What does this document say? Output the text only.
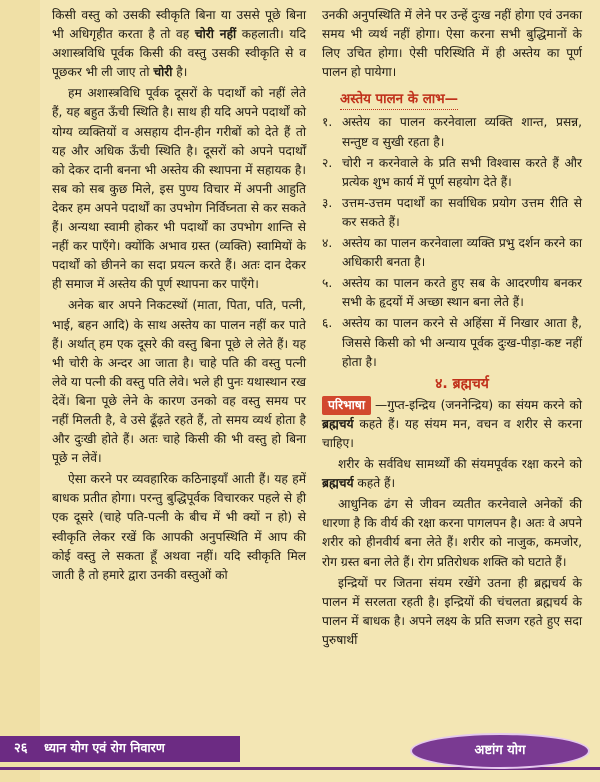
किसी वस्तु को उसकी स्वीकृति बिना या उससे पूछे बिना भी अधिगृहीत करता है तो वह चोरी नहीं कहलाती। यदि अशास्त्रविधि पूर्वक किसी की वस्तु उसकी स्वीकृति से व पूछकर भी ली जाए तो चोरी है।

हम अशास्त्रविधि पूर्वक दूसरों के पदार्थों को नहीं लेते हैं, यह बहुत ऊँची स्थिति है। साथ ही यदि अपने पदार्थों को योग्य व्यक्तियों व असहाय दीन-हीन गरीबों को देते हैं तो यह और अधिक ऊँची स्थिति है। दूसरों को अपने पदार्थों को देकर दानी बनना भी अस्तेय की स्थापना में सहायक है। सब को सब कुछ मिले, इस पुण्य विचार में अपनी आहुति देकर हम अपने पदार्थों का उपभोग निर्विघ्नता से कर सकते हैं। अन्यथा स्वामी होकर भी पदार्थों का उपभोग शान्ति से नहीं कर पाएँगे। क्योंकि अभाव ग्रस्त (व्यक्ति) स्वामियों के पदार्थों को छीनने का सदा प्रयत्न करते हैं। अतः दान देकर ही समाज में अस्तेय की पूर्ण स्थापना कर पाएँगे।

अनेक बार अपने निकटस्थों (माता, पिता, पति, पत्नी, भाई, बहन आदि) के साथ अस्तेय का पालन नहीं कर पाते हैं। अर्थात् हम एक दूसरे की वस्तु बिना पूछे ले लेते हैं। यह भी चोरी के अन्दर आ जाता है। चाहे पति की वस्तु पत्नी लेवे या पत्नी की वस्तु पति लेवे। भले ही पुनः यथास्थान रख देवें। बिना पूछे लेने के कारण उनको वह वस्तु समय पर नहीं मिलती है, वे उसे ढूँढ़ते रहते हैं, तो समय व्यर्थ होता है और दुःखी होते हैं। अतः चाहे किसी की भी वस्तु हो बिना पूछे न लेवें।

ऐसा करने पर व्यवहारिक कठिनाइयाँ आती हैं। यह हमें बाधक प्रतीत होगा। परन्तु बुद्धिपूर्वक विचारकर पहले से ही एक दूसरे (चाहे पति-पत्नी के बीच में भी क्यों न हो) से स्वीकृति लेकर रखें कि आपकी अनुपस्थिति में आप की कोई वस्तु ले सकता हूँ अथवा नहीं। यदि स्वीकृति मिल जाती है तो हमारे द्वारा उनकी वस्तुओं को

उनकी अनुपस्थिति में लेने पर उन्हें दुःख नहीं होगा एवं उनका समय भी व्यर्थ नहीं होगा। ऐसा करना सभी बुद्धिमानों के लिए उचित होगा। ऐसी परिस्थिति में ही अस्तेय का पूर्ण पालन हो पायेगा।

अस्तेय पालन के लाभ—
१. अस्तेय का पालन करनेवाला व्यक्ति शान्त, प्रसन्न, सन्तुष्ट व सुखी रहता है।
२. चोरी न करनेवाले के प्रति सभी विश्वास करते हैं और प्रत्येक शुभ कार्य में पूर्ण सहयोग देते हैं।
३. उत्तम-उत्तम पदार्थों का सर्वाधिक प्रयोग उत्तम रीति से कर सकते हैं।
४. अस्तेय का पालन करनेवाला व्यक्ति प्रभु दर्शन करने का अधिकारी बनता है।
५. अस्तेय का पालन करते हुए सब के आदरणीय बनकर सभी के हृदयों में अच्छा स्थान बना लेते हैं।
६. अस्तेय का पालन करने से अहिंसा में निखार आता है, जिससे किसी को भी अन्याय पूर्वक दुःख-पीड़ा-कष्ट नहीं होता है।
४. ब्रह्मचर्य

परिभाषा —गुप्त-इन्द्रिय (जननेन्द्रिय) का संयम करने को ब्रह्मचर्य कहते हैं। यह संयम मन, वचन व शरीर से करना चाहिए।

शरीर के सर्वविध सामर्थ्यों की संयमपूर्वक रक्षा करने को ब्रह्मचर्य कहते हैं।

आधुनिक ढंग से जीवन व्यतीत करनेवाले अनेकों की धारणा है कि वीर्य की रक्षा करना पागलपन है। अतः वे अपने शरीर को हीनवीर्य बना लेते हैं। शरीर को नाजुक, कमजोर, रोग ग्रस्त बना लेते हैं। रोग प्रतिरोधक शक्ति को घटाते हैं।

इन्द्रियों पर जितना संयम रखेंगे उतना ही ब्रह्मचर्य के पालन में सरलता रहती है। इन्द्रियों की चंचलता ब्रह्मचर्य के पालन में बाधक है। अपने लक्ष्य के प्रति सजग रहते हुए सदा पुरुषार्थी

२६ ध्यान योग एवं रोग निवारण	अष्टांग योग
